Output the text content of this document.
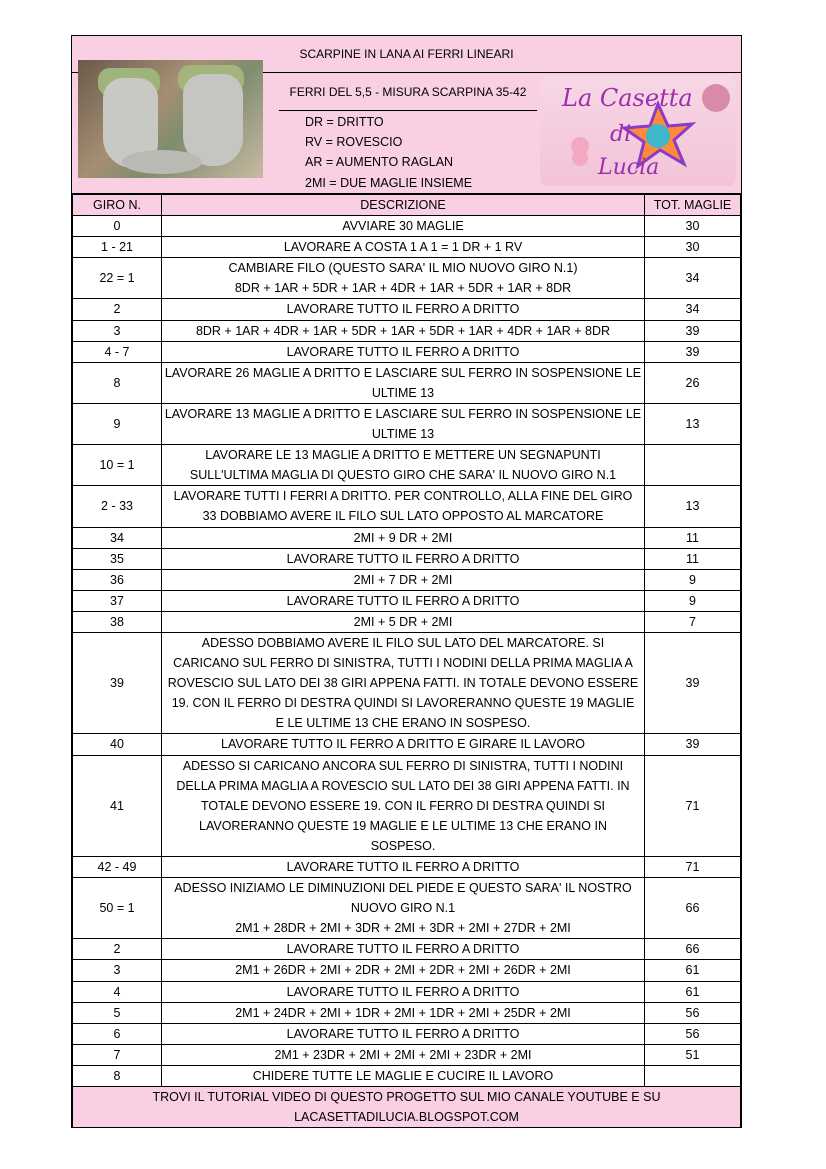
SCARPINE IN LANA AI FERRI LINEARI
FERRI DEL 5,5 - MISURA SCARPINA 35-42
DR = DRITTO
RV = ROVESCIO
AR = AUMENTO RAGLAN
2MI = DUE MAGLIE INSIEME
La Casetta
di
Lucia
GIRO N.	DESCRIZIONE	TOT. MAGLIE
0	AVVIARE 30 MAGLIE	30
1 - 21	LAVORARE A COSTA 1 A 1 = 1 DR + 1 RV	30
22 = 1	CAMBIARE FILO (QUESTO SARA' IL MIO NUOVO GIRO N.1)
8DR + 1AR + 5DR + 1AR + 4DR + 1AR + 5DR + 1AR + 8DR	34
2	LAVORARE TUTTO IL FERRO A DRITTO	34
3	8DR + 1AR + 4DR + 1AR + 5DR + 1AR + 5DR + 1AR + 4DR + 1AR + 8DR	39
4 - 7	LAVORARE TUTTO IL FERRO A DRITTO	39
8	LAVORARE 26 MAGLIE A DRITTO E LASCIARE SUL FERRO IN SOSPENSIONE LE
ULTIME 13	26
9	LAVORARE 13 MAGLIE A DRITTO E LASCIARE SUL FERRO IN SOSPENSIONE LE
ULTIME 13	13
10 = 1	LAVORARE LE 13 MAGLIE A DRITTO E METTERE UN SEGNAPUNTI
SULL'ULTIMA MAGLIA DI QUESTO GIRO CHE SARA' IL NUOVO GIRO N.1	

2 - 33	LAVORARE TUTTI I FERRI A DRITTO. PER CONTROLLO, ALLA FINE DEL GIRO
33 DOBBIAMO AVERE IL FILO SUL LATO OPPOSTO AL MARCATORE	13
34	2MI + 9 DR + 2MI	11
35	LAVORARE TUTTO IL FERRO A DRITTO	11
36	2MI + 7 DR + 2MI	9
37	LAVORARE TUTTO IL FERRO A DRITTO	9
38	2MI + 5 DR + 2MI	7
39	ADESSO DOBBIAMO AVERE IL FILO SUL LATO DEL MARCATORE. SI
CARICANO SUL FERRO DI SINISTRA, TUTTI I NODINI DELLA PRIMA MAGLIA A
ROVESCIO SUL LATO DEI 38 GIRI APPENA FATTI. IN TOTALE DEVONO ESSERE
19. CON IL FERRO DI DESTRA QUINDI SI LAVORERANNO QUESTE 19 MAGLIE
E LE ULTIME 13 CHE ERANO IN SOSPESO.	39
40	LAVORARE TUTTO IL FERRO A DRITTO E GIRARE IL LAVORO	39
41	ADESSO SI CARICANO ANCORA SUL FERRO DI SINISTRA, TUTTI I NODINI
DELLA PRIMA MAGLIA A ROVESCIO SUL LATO DEI 38 GIRI APPENA FATTI. IN
TOTALE DEVONO ESSERE 19. CON IL FERRO DI DESTRA QUINDI SI
LAVORERANNO QUESTE 19 MAGLIE E LE ULTIME 13 CHE ERANO IN
SOSPESO.	71
42 - 49	LAVORARE TUTTO IL FERRO A DRITTO	71
50 = 1	ADESSO INIZIAMO LE DIMINUZIONI DEL PIEDE E QUESTO SARA' IL NOSTRO
NUOVO GIRO N.1
2M1 + 28DR + 2MI + 3DR + 2MI + 3DR + 2MI + 27DR + 2MI	66
2	LAVORARE TUTTO IL FERRO A DRITTO	66
3	2M1 + 26DR + 2MI + 2DR + 2MI + 2DR + 2MI + 26DR + 2MI	61
4	LAVORARE TUTTO IL FERRO A DRITTO	61
5	2M1 + 24DR + 2MI + 1DR + 2MI + 1DR + 2MI + 25DR + 2MI	56
6	LAVORARE TUTTO IL FERRO A DRITTO	56
7	2M1 + 23DR + 2MI + 2MI + 2MI + 23DR + 2MI	51
8	CHIDERE TUTTE LE MAGLIE E CUCIRE IL LAVORO	

TROVI IL TUTORIAL VIDEO DI QUESTO PROGETTO SUL MIO CANALE YOUTUBE E SU
LACASETTADILUCIA.BLOGSPOT.COM		
